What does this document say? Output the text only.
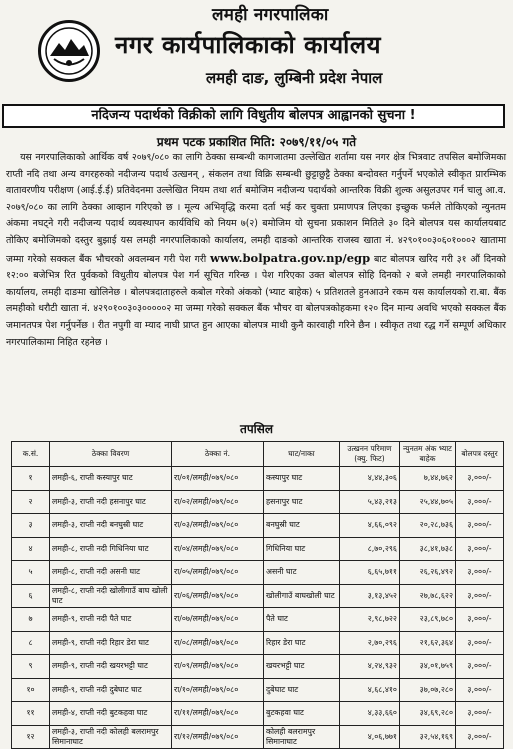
लमही नगरपालिका
नगर कार्यपालिकाको कार्यालय
लमही दाङ, लुम्बिनी प्रदेश नेपाल
नदिजन्य पदार्थको विक्रीको लागि विधुतीय बोलपत्र आह्वानको सुचना !
प्रथम पटक प्रकाशित मिति: २०७९/११/०५ गते
यस नगरपालिकाको आर्थिक वर्ष २०७९/०८० का लागि ठेक्का सम्बन्धी कागजातमा उल्लेखित शर्तामा यस नगर क्षेत्र भित्रवाट तपसिल बमोजिमका राप्ती नदि तथा अन्य वगरहरुको नदीजन्य पदार्थ उत्खनन् , संकलन तथा विक्रि सम्बन्धी छुट्टाछुट्टै ठेक्का बन्दोवस्त गर्नुपर्ने भएकोले स्वीकृत प्रारम्भिक वातावरणीय परीक्षण (आई.ई.ई) प्रतिवेदनमा उल्लेखित नियम तथा शर्त बमोजिम नदीजन्य पदार्थको आन्तरिक विक्री शुल्क असुलउपर गर्न चालु आ.व. २०७९/०८० का लागि ठेक्का आव्हान गरिएको छ । मूल्य अभिवृद्धि करमा दर्ता भई कर चुक्ता प्रमाणपत्र लिएका इच्छुक फर्मले तोकिएको न्युनतम अंकमा नघट्ने गरी नदीजन्य पदार्थ व्यवस्थापन कार्यविधि को नियम ७(२) बमोजिम यो सुचना प्रकाशन मितिले ३० दिने बोलपत्र यस कार्यालयबाट तोकिए बमोजिमको दस्तुर बुझाई यस लमही नगरपालिकाको कार्यालय, लमही दाङको आन्तरिक राजस्व खाता नं. ४२९०१००३०६०१०००२ खातामा जम्मा गरेको सक्कल बैंक भौचरको अवलम्बन गरी पेश गरी www.bolpatra.gov.np/egp बाट बोलपत्र खरिद गरी ३१ औं दिनको १२:०० बजेभित्र रित पुर्वकको विधुतीय बोलपत्र पेश गर्न सूचित गरिन्छ । पेश गरिएका उक्त बोलपत्र सोहि दिनको २ बजे लमही नगरपालिकाको कार्यालय, लमही दाङमा खोलिनेछ । बोलपत्रदाताहरुले कबोल गरेको अंकको (भ्याट बाहेक) ५ प्रतिशतले हुनआउने रकम यस कार्यालयको रा.बा. बैंक लमहीको धरौटी खाता नं. ४२९०१००३०३०००००२ मा जम्मा गरेको सक्कल बैंक भौचर वा बोलपत्रकोहकमा १२० दिन मान्य अवधि भएको सक्कल बैंक जमानतपत्र पेश गर्नुपर्नेछ । रीत नपुगी वा म्याद नाघी प्राप्त हुन आएका बोलपत्र माथी कुनै कारवाही गरिने छैन । स्वीकृत तथा रद्ध गर्ने सम्पूर्ण अधिकार नगरपालिकामा निहित रहनेछ ।
तपसिल
क.सं.	ठेक्का विवरण	ठेक्का नं.	घाट/नाका	उत्खनन परिमाण (क्यु. फिट)	न्युनतम अंक भ्याट बाहेक	बोलपत्र दस्तुर
१	लमही-६, राप्ती कस्यापुर घाट	रा/०१/लमही/०७९/०८०	कस्यापुर घाट	४,४४,३०६	७,४४,७६२	३,०००/-
२	लमही-३, राप्ती नदी हसनापुर घाट	रा/०२/लमही/०७९/०८०	हसनापुर घाट	५,४३,२१३	२५,४४,७०५	३,०००/-
३	लमही-३, राप्ती नदी बनघुस्री घाट	रा/०३/लमही/०७९/०८०	बनघुस्री घाट	४,६६,०९२	२०,२८,७३६	३,०००/-
४	लमही-८, राप्ती नदी गिधिनिया घाट	रा/०४/लमही/०७९/०८०	गिधिनिया घाट	८,७०,२९६	३८,४१,७३८	३,०००/-
५	लमही-८, राप्ती नदी असनी घाट	रा/०५/लमही/०७९/०८०	असनी घाट	६,६५,७११	२६,२६,४९२	३,०००/-
६	लमही-८, राप्ती नदी खोलीगाउँ बाघ खोली घाट	रा/०६/लमही/०७९/०८०	खोलीगाउँ बाघखोली घाट	३,१३,४५२	२७,७८,६२२	३,०००/-
७	लमही-९, राप्ती नदी पैते घाट	रा/०७/लमही/०७९/०८०	पैते घाट	२,९८,७२२	२३,८९,७८०	३,०००/-
८	लमही-९, राप्ती नदी रिहार डेरा घाट	रा/०८/लमही/०७९/०८०	रिहार डेरा घाट	२,७०,२९६	२१,६२,३६४	३,०००/-
९	लमही-९, राप्ती नदी खयरभट्टी घाट	रा/०९/लमही/०७९/०८०	खयरभट्टी घाट	४,२४,९३२	३४,०१,७५९	३,०००/-
१०	लमही-९, राप्ती नदी दुबेघाट घाट	रा/१०/लमही/०७९/०८०	दुबेघाट घाट	४,६८,४१०	३७,०७,२८०	३,०००/-
११	लमही-४, राप्ती नदी बुटकहवा घाट	रा/११/लमही/०७९/०८०	बुटकहवा घाट	४,३३,६६०	३४,६९,२८०	३,०००/-
१२	लमही-३, राप्ती नदी कोलही बलरामपुर सिमानाघाट	रा/१२/लमही/०७९/०८०	कोलही बलरामपुर सिमानाघाट	४,०६,७७१	३२,५४,१६९	३,०००/-
